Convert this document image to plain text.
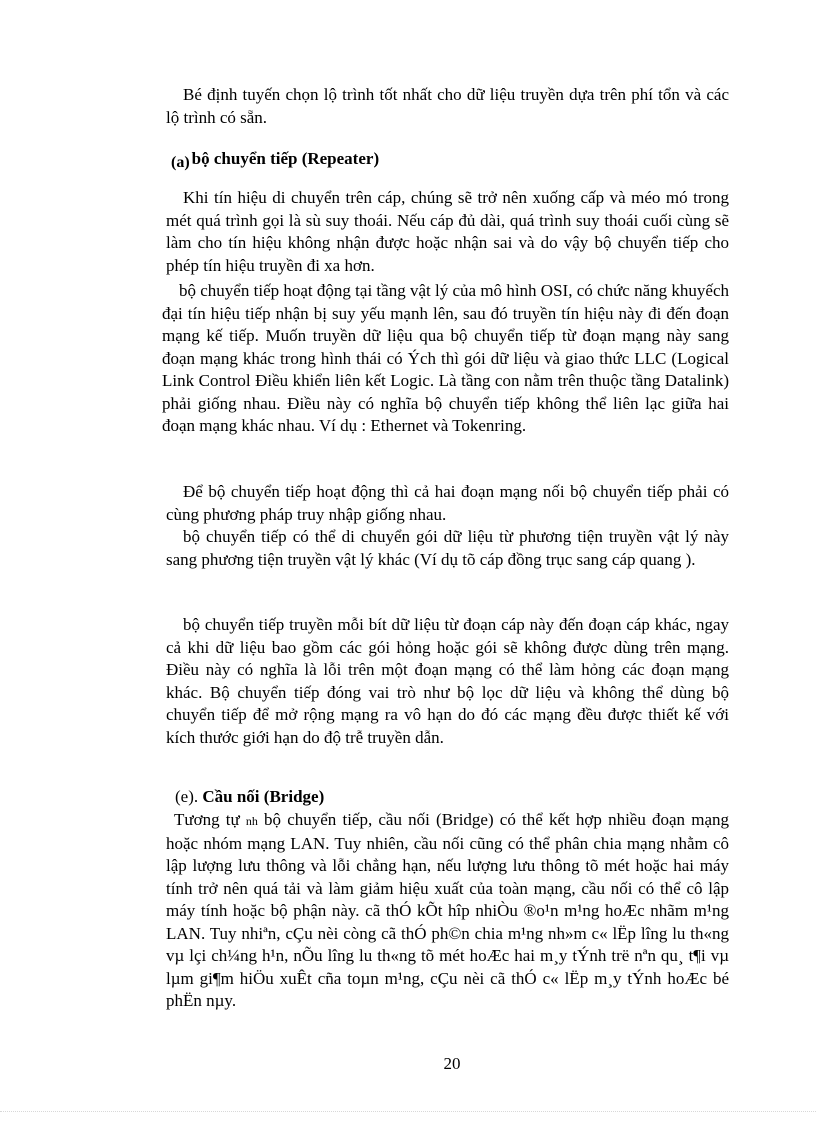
Bé định tuyến chọn lộ trình tốt nhất cho dữ liệu truyền dựa trên phí tổn và các lộ trình có sẵn.

(a) bộ chuyển tiếp (Repeater)

Khi tín hiệu di chuyển trên cáp, chúng sẽ trở nên xuống cấp và méo mó trong mét quá trình gọi là sù suy thoái. Nếu cáp đủ dài, quá trình suy thoái cuối cùng sẽ làm cho tín hiệu không nhận được hoặc nhận sai và do vậy bộ chuyển tiếp cho phép tín hiệu truyền đi xa hơn.

bộ chuyển tiếp hoạt động tại tầng vật lý của mô hình OSI, có chức năng khuyếch đại tín hiệu tiếp nhận bị suy yếu mạnh lên, sau đó truyền tín hiệu này đi đến đoạn mạng kế tiếp. Muốn truyền dữ liệu qua bộ chuyển tiếp từ đoạn mạng này sang đoạn mạng khác trong hình thái có Ých thì gói dữ liệu và giao thức LLC (Logical Link Control Điều khiển liên kết Logic. Là tầng con nằm trên thuộc tầng Datalink) phải giống nhau. Điều này có nghĩa bộ chuyển tiếp không thể liên lạc giữa hai đoạn mạng khác nhau. Ví dụ : Ethernet và Tokenring.

Để bộ chuyển tiếp hoạt động thì cả hai đoạn mạng nối bộ chuyển tiếp phải có cùng phương pháp truy nhập giống nhau.

bộ chuyển tiếp có thể di chuyển gói dữ liệu từ phương tiện truyền vật lý này sang phương tiện truyền vật lý khác (Ví dụ tõ cáp đồng trục sang cáp quang ).

bộ chuyển tiếp truyền mỗi bít dữ liệu từ đoạn cáp này đến đoạn cáp khác, ngay cả khi dữ liệu bao gồm các gói hỏng hoặc gói sẽ không được dùng trên mạng. Điều này có nghĩa là lỗi trên một đoạn mạng có thể làm hỏng các đoạn mạng khác. Bộ chuyển tiếp đóng vai trò như bộ lọc dữ liệu và không thể dùng bộ chuyển tiếp để mở rộng mạng ra vô hạn do đó các mạng đều được thiết kế với kích thước giới hạn do độ trễ truyền dẫn.

(e). Cầu nối (Bridge)

Tương tự nh bộ chuyển tiếp, cầu nối (Bridge) có thể kết hợp nhiều đoạn mạng hoặc nhóm mạng LAN. Tuy nhiên, cầu nối cũng có thể phân chia mạng nhằm cô lập lượng lưu thông và lỗi chẳng hạn, nếu lượng lưu thông tõ mét hoặc hai máy tính trở nên quá tải và làm giảm hiệu xuất của toàn mạng, cầu nối có thể cô lập máy tính hoặc bộ phận này. cã thÓ kÕt hîp nhiÒu ®o¹n m¹ng hoÆc nhãm m¹ng LAN. Tuy nhiªn, cÇu nèi còng cã thÓ ph©n chia m¹ng nh»m c« lËp lîng lu th«ng vµ lçi ch¼ng h¹n, nÕu lîng lu th«ng tõ mét hoÆc hai m¸y tÝnh trë nªn qu¸ t¶i vµ lµm gi¶m hiÖu xuÊt cña toµn m¹ng, cÇu nèi cã thÓ c« lËp m¸y tÝnh hoÆc bé phËn nµy.

20
